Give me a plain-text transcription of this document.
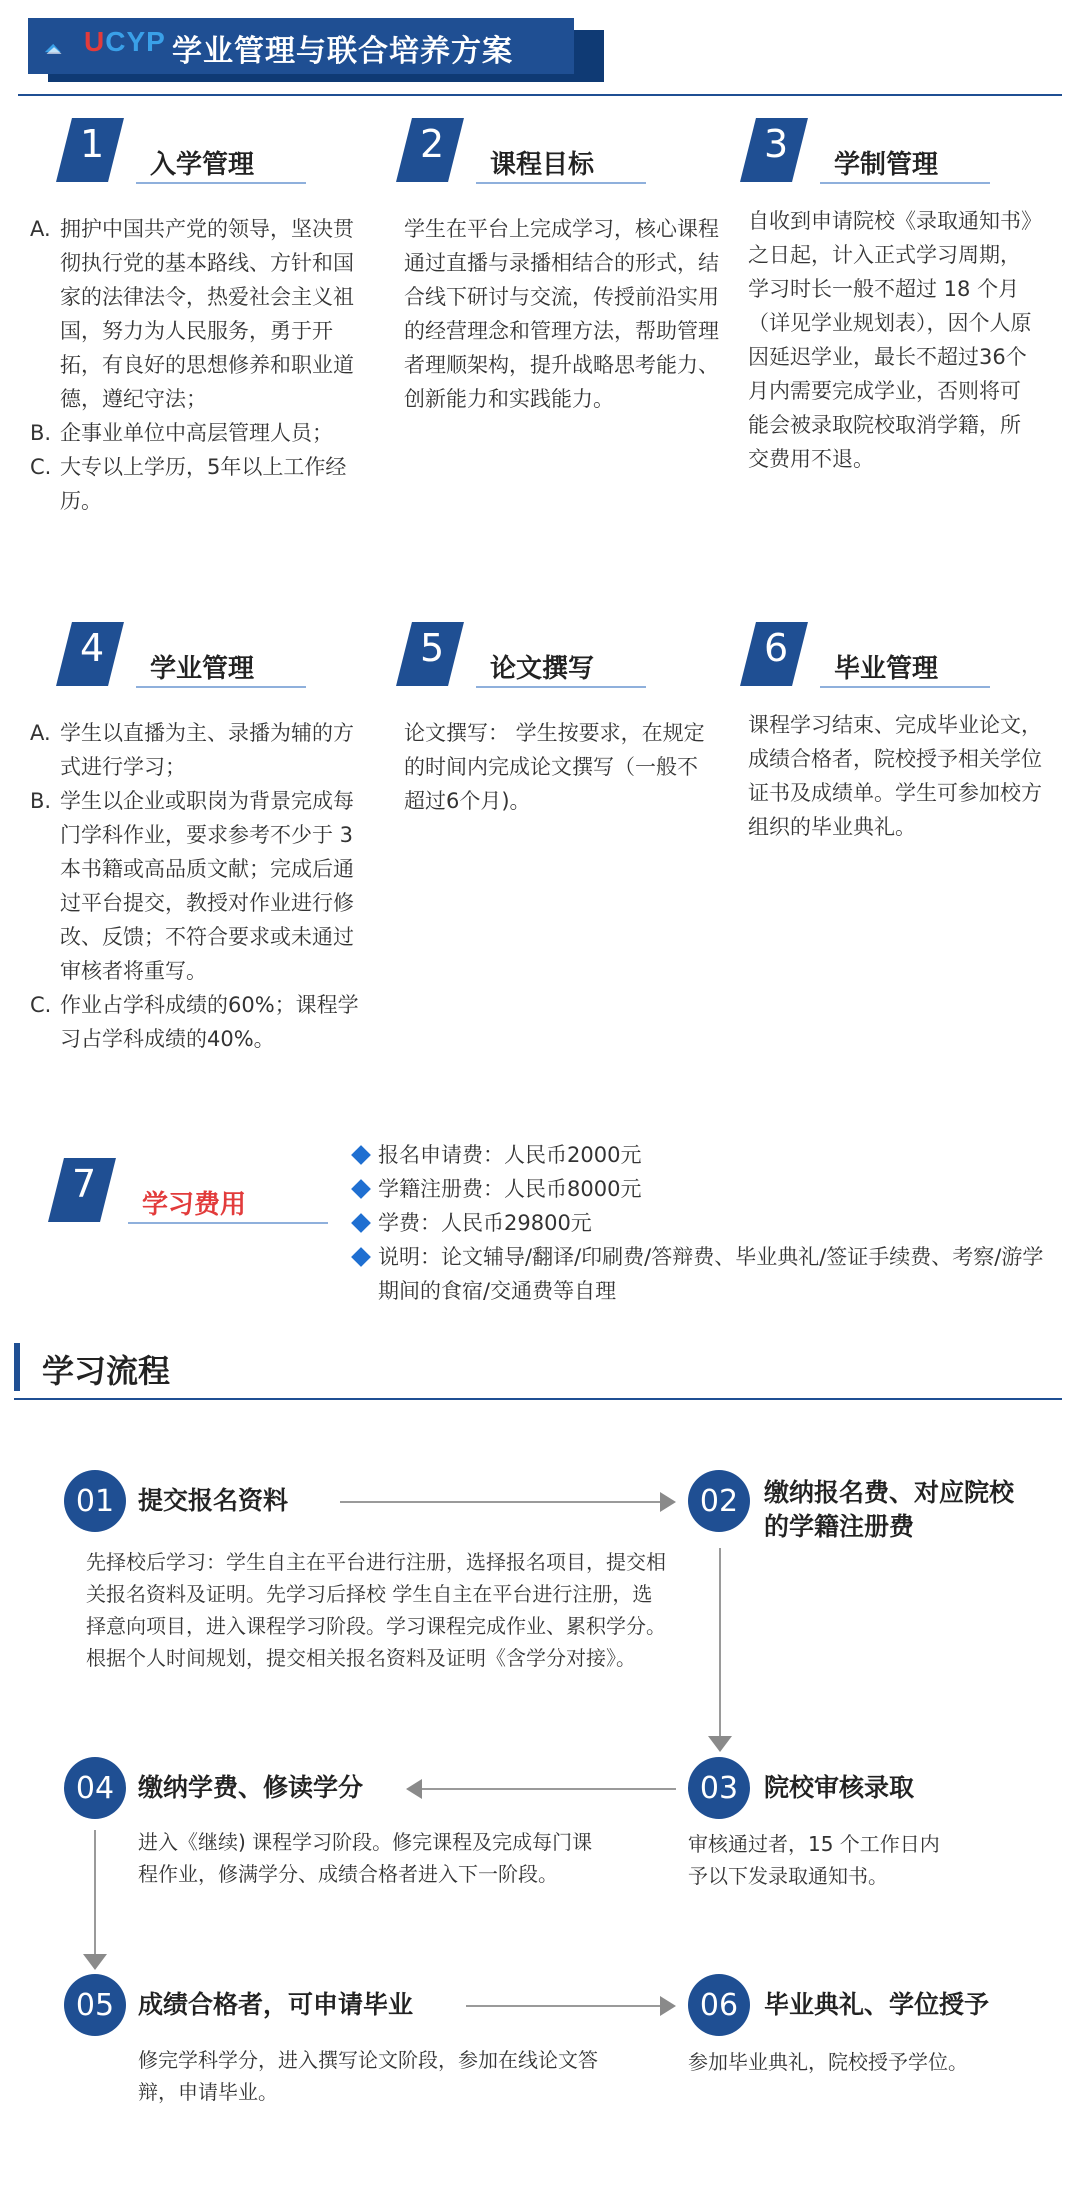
UCYP 学业管理与联合培养方案
1 入学管理
A. 拥护中国共产党的领导，坚决贯彻执行党的基本路线、方针和国家的法律法令，热爱社会主义祖国，努力为人民服务，勇于开拓，有良好的思想修养和职业道德，遵纪守法；
B. 企事业单位中高层管理人员；
C. 大专以上学历，5年以上工作经历。
2 课程目标
学生在平台上完成学习，核心课程通过直播与录播相结合的形式，结合线下研讨与交流，传授前沿实用的经营理念和管理方法，帮助管理者理顺架构，提升战略思考能力、创新能力和实践能力。
3 学制管理
自收到申请院校《录取通知书》之日起，计入正式学习周期，学习时长一般不超过 18 个月（详见学业规划表），因个人原因延迟学业，最长不超过36个月内需要完成学业，否则将可能会被录取院校取消学籍，所交费用不退。
4 学业管理
A. 学生以直播为主、录播为辅的方式进行学习；
B. 学生以企业或职岗为背景完成每门学科作业，要求参考不少于 3 本书籍或高品质文献；完成后通过平台提交，教授对作业进行修改、反馈；不符合要求或未通过审核者将重写。
C. 作业占学科成绩的60%；课程学习占学科成绩的40%。
5 论文撰写
论文撰写： 学生按要求，在规定的时间内完成论文撰写（一般不超过6个月)。
6 毕业管理
课程学习结束、完成毕业论文，成绩合格者，院校授予相关学位证书及成绩单。学生可参加校方组织的毕业典礼。
7 学习费用
报名申请费：人民币2000元
学籍注册费：人民币8000元
学费：人民币29800元
说明：论文辅导/翻译/印刷费/答辩费、毕业典礼/签证手续费、考察/游学期间的食宿/交通费等自理
学习流程
01 提交报名资料
先择校后学习：学生自主在平台进行注册，选择报名项目，提交相关报名资料及证明。先学习后择校 学生自主在平台进行注册，选择意向项目，进入课程学习阶段。学习课程完成作业、累积学分。根据个人时间规划，提交相关报名资料及证明《含学分对接》。
02	缴纳报名费、对应院校的学籍注册费
03	院校审核录取
审核通过者，15 个工作日内予以下发录取通知书。
04 缴纳学费、修读学分
进入《继续) 课程学习阶段。修完课程及完成每门课程作业，修满学分、成绩合格者进入下一阶段。
05 成绩合格者，可申请毕业
修完学科学分，进入撰写论文阶段，参加在线论文答辩，申请毕业。
06	毕业典礼、学位授予
参加毕业典礼，院校授予学位。
